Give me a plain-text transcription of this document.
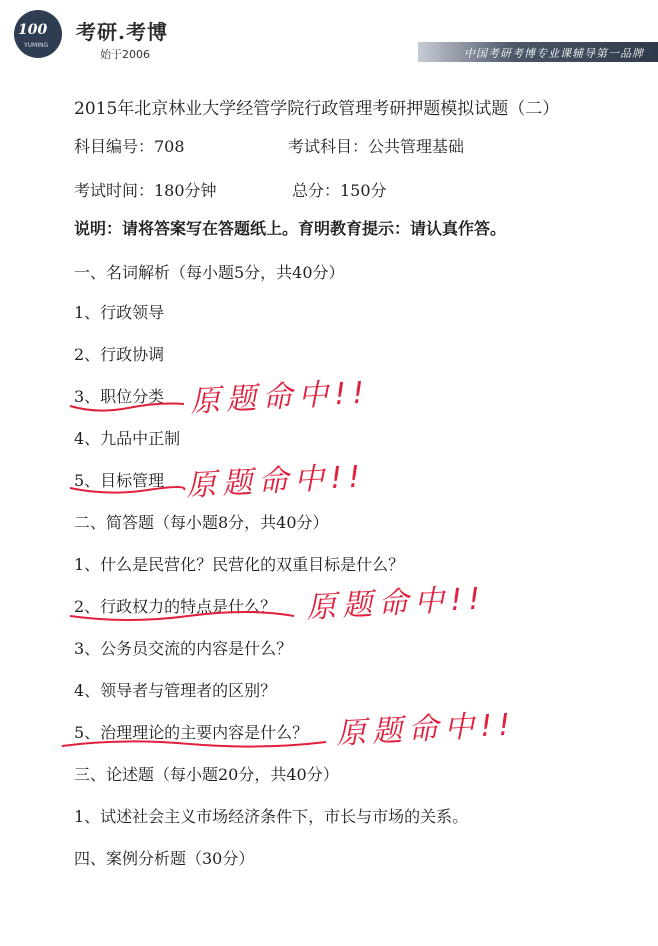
100
YUMING
考研.考博
始于2006	中国考研考博专业课辅导第一品牌
2015年北京林业大学经管学院行政管理考研押题模拟试题（二）
科目编号：708	考试科目：公共管理基础
考试时间：180分钟	总分：150分
说明：请将答案写在答题纸上。育明教育提示：请认真作答。
一、名词解析（每小题5分，共40分）
1、行政领导
2、行政协调
3、职位分类 原题命中!!
4、九品中正制
5、目标管理 原题命中!!
二、简答题（每小题8分，共40分）
1、什么是民营化？民营化的双重目标是什么？
2、行政权力的特点是什么？ 原题命中!!
3、公务员交流的内容是什么？
4、领导者与管理者的区别？
5、治理理论的主要内容是什么？ 原题命中!!
三、论述题（每小题20分，共40分）
1、试述社会主义市场经济条件下，市长与市场的关系。
四、案例分析题（30分）
